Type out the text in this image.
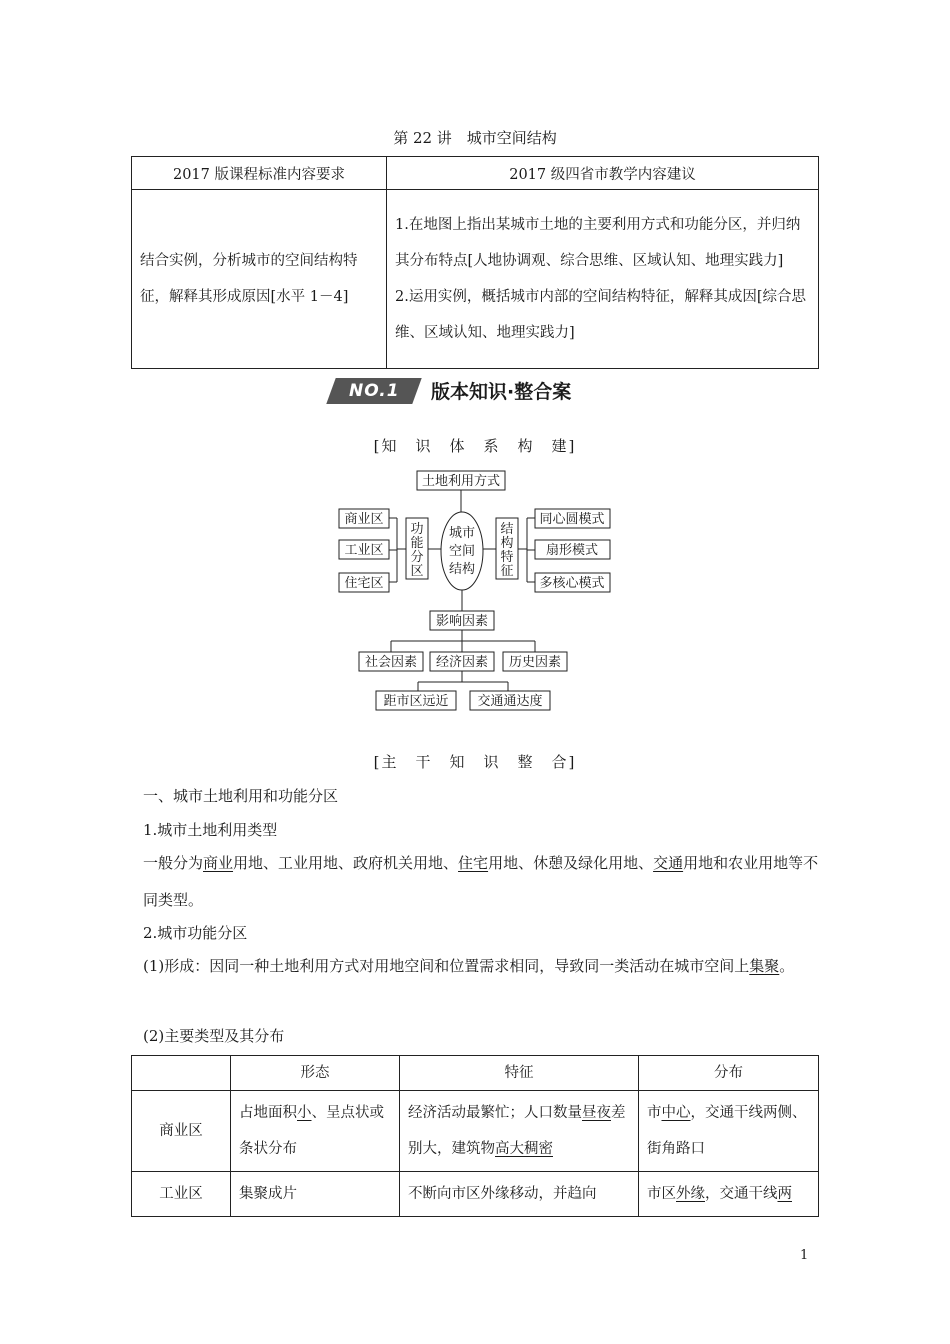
第 22 讲　城市空间结构
2017 版课程标准内容要求	2017 级四省市教学内容建议
结合实例，分析城市的空间结构特征，解释其形成原因[水平 1－4]	1.在地图上指出某城市土地的主要利用方式和功能分区，并归纳其分布特点[人地协调观、综合思维、区域认知、地理实践力]
2.运用实例，概括城市内部的空间结构特征，解释其成因[综合思维、区域认知、地理实践力]
NO.1 版本知识·整合案
[知　识　体　系　构　建]
土地利用方式
城市
空间
结构
功
能
分
区
商业区
工业区
住宅区
结
构
特
征
同心圆模式
扇形模式
多核心模式
影响因素
社会因素 经济因素 历史因素
距市区远近 交通通达度
[主　干　知　识　整　合]
一、城市土地利用和功能分区
1.城市土地利用类型
一般分为商业用地、工业用地、政府机关用地、住宅用地、休憩及绿化用地、交通用地和农业用地等不同类型。
2.城市功能分区
(1)形成：因同一种土地利用方式对用地空间和位置需求相同，导致同一类活动在城市空间上集聚。
(2)主要类型及其分布
	形态	特征	分布
商业区	占地面积小、呈点状或条状分布	经济活动最繁忙；人口数量昼夜差别大，建筑物高大稠密	市中心，交通干线两侧、街角路口
工业区	集聚成片	不断向市区外缘移动，并趋向	市区外缘，交通干线两
1
